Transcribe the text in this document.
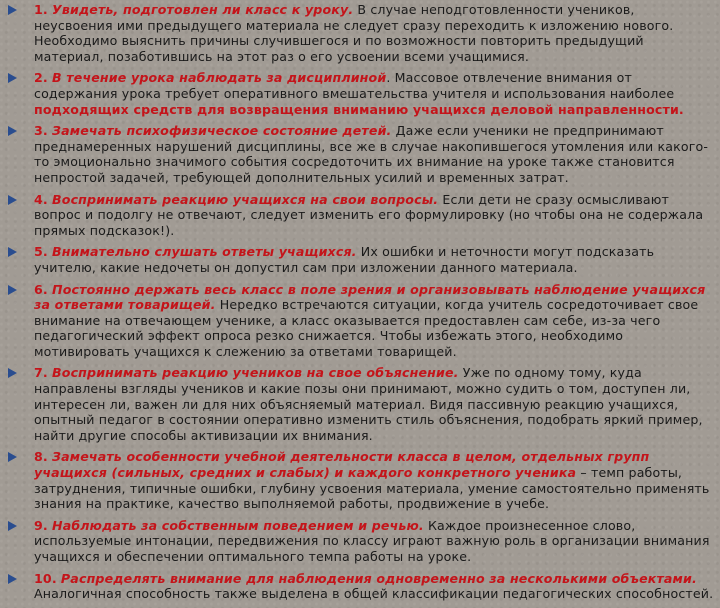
1. Увидеть, подготовлен ли класс к уроку. В случае неподготовленности учеников, неусвоения ими предыдущего материала не следует сразу переходить к изложению нового. Необходимо выяснить причины случившегося и по возможности повторить предыдущий материал, позаботившись на этот раз о его усвоении всеми учащимися.
2. В течение урока наблюдать за дисциплиной. Массовое отвлечение внимания от содержания урока требует оперативного вмешательства учителя и использования наиболее подходящих средств для возвращения вниманию учащихся деловой направленности.
3. Замечать психофизическое состояние детей. Даже если ученики не предпринимают преднамеренных нарушений дисциплины, все же в случае накопившегося утомления или какого-то эмоционально значимого события сосредоточить их внимание на уроке также становится непростой задачей, требующей дополнительных усилий и временных затрат.
4. Воспринимать реакцию учащихся на свои вопросы. Если дети не сразу осмысливают вопрос и подолгу не отвечают, следует изменить его формулировку (но чтобы она не содержала прямых подсказок!).
5. Внимательно слушать ответы учащихся. Их ошибки и неточности могут подсказать учителю, какие недочеты он допустил сам при изложении данного материала.
6. Постоянно держать весь класс в поле зрения и организовывать наблюдение учащихся за ответами товарищей. Нередко встречаются ситуации, когда учитель сосредоточивает свое внимание на отвечающем ученике, а класс оказывается предоставлен сам себе, из-за чего педагогический эффект опроса резко снижается. Чтобы избежать этого, необходимо мотивировать учащихся к слежению за ответами товарищей.
7. Воспринимать реакцию учеников на свое объяснение. Уже по одному тому, куда направлены взгляды учеников и какие позы они принимают, можно судить о том, доступен ли, интересен ли, важен ли для них объясняемый материал. Видя пассивную реакцию учащихся, опытный педагог в состоянии оперативно изменить стиль объяснения, подобрать яркий пример, найти другие способы активизации их внимания.
8. Замечать особенности учебной деятельности класса в целом, отдельных групп учащихся (сильных, средних и слабых) и каждого конкретного ученика – темп работы, затруднения, типичные ошибки, глубину усвоения материала, умение самостоятельно применять знания на практике, качество выполняемой работы, продвижение в учебе.
9. Наблюдать за собственным поведением и речью. Каждое произнесенное слово, используемые интонации, передвижения по классу играют важную роль в организации внимания учащихся и обеспечении оптимального темпа работы на уроке.
10. Распределять внимание для наблюдения одновременно за несколькими объектами. Аналогичная способность также выделена в общей классификации педагогических способностей.
